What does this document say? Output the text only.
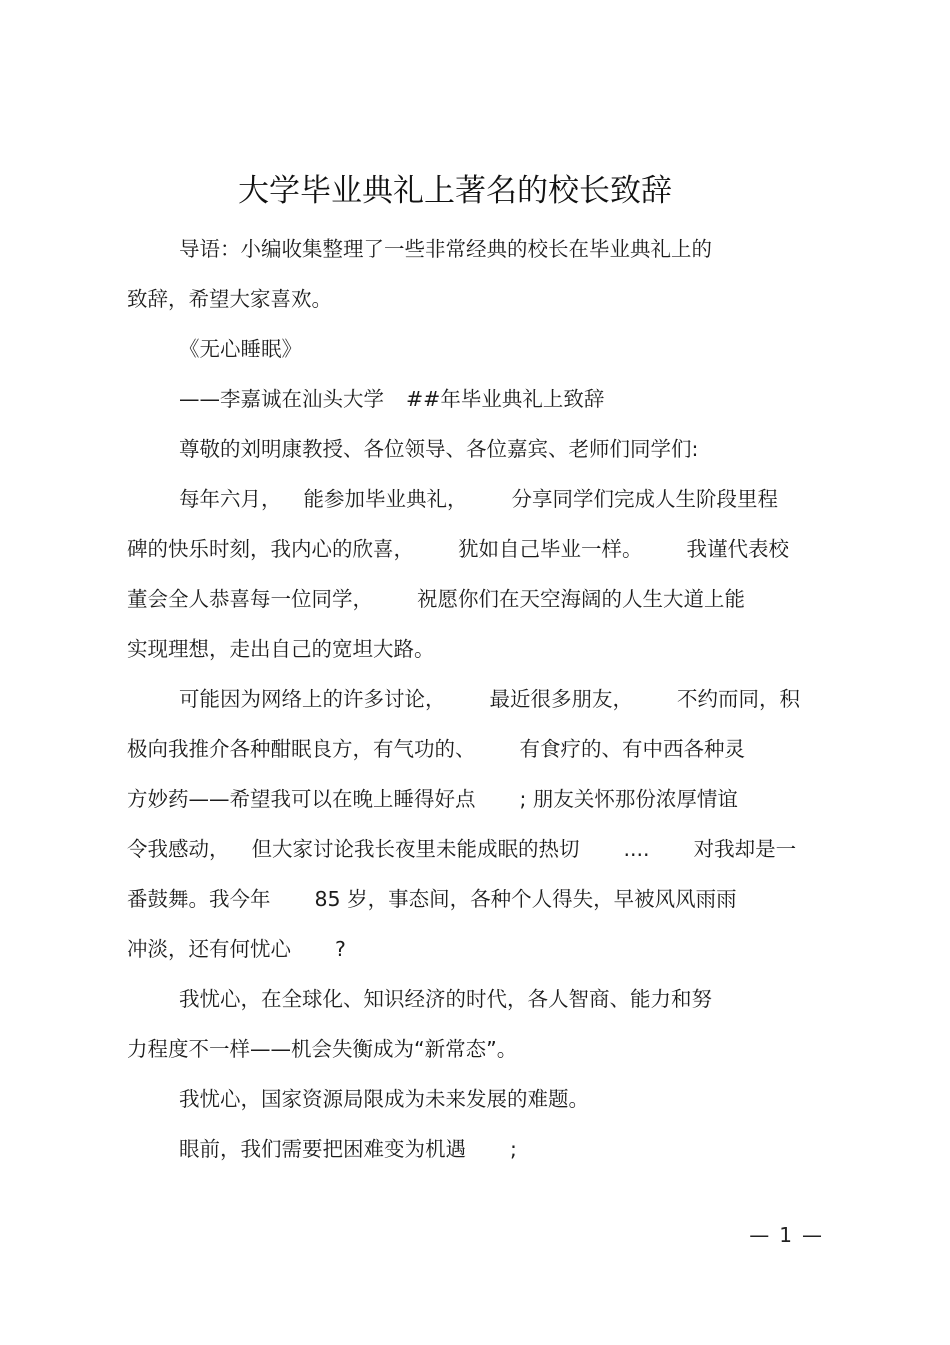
大学毕业典礼上著名的校长致辞
导语：小编收集整理了一些非常经典的校长在毕业典礼上的
致辞，希望大家喜欢。
《无心睡眠》
——李嘉诚在汕头大学 ##年毕业典礼上致辞
尊敬的刘明康教授、各位领导、各位嘉宾、老师们同学们:
每年六月， 能参加毕业典礼， 分享同学们完成人生阶段里程
碑的快乐时刻，我内心的欣喜， 犹如自己毕业一样。 我谨代表校
董会全人恭喜每一位同学， 祝愿你们在天空海阔的人生大道上能
实现理想，走出自己的宽坦大路。
可能因为网络上的许多讨论， 最近很多朋友， 不约而同，积
极向我推介各种酣眠良方，有气功的、 有食疗的、有中西各种灵
方妙药——希望我可以在晚上睡得好点 ; 朋友关怀那份浓厚情谊
令我感动， 但大家讨论我长夜里未能成眠的热切 .... 对我却是一
番鼓舞。我今年 85 岁，事态间，各种个人得失，早被风风雨雨
冲淡，还有何忧心 ?
我忧心，在全球化、知识经济的时代，各人智商、能力和努
力程度不一样——机会失衡成为“新常态”。
我忧心，国家资源局限成为未来发展的难题。
眼前，我们需要把困难变为机遇 ;
—1—
